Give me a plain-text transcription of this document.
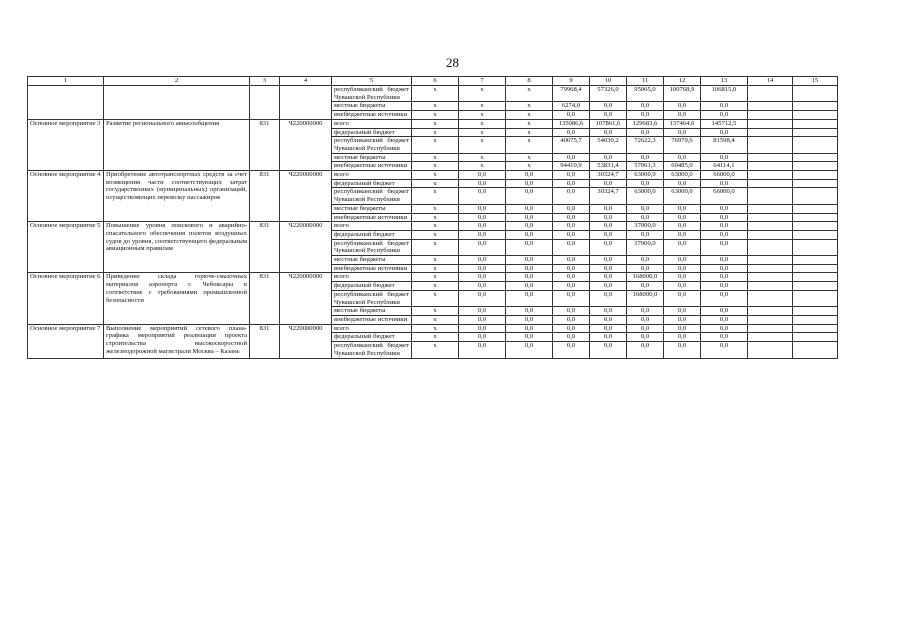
28
1	2	3	4	5	6	7	8	9	10	11	12	13	14	15
				республиканский бюджет Чувашской Республики	x	x	x	79968,4	57326,0	95065,0	100768,9	106815,0		
				местные бюджеты	x	x	x	6274,0	0,0	0,0	0,0	0,0		
				внебюджетные источники	x	x	x	0,0	0,0	0,0	0,0	0,0		
Основное мероприятие 3	Развитие регионального авиасообщения	831	Ч220000000	всего	x	x	x	135086,6	107861,6	129683,6	137464,6	145712,5		
				федеральный бюджет	x	x	x	0,0	0,0	0,0	0,0	0,0		
				республиканский бюджет Чувашской Республики	x	x	x	40675,7	54030,2	72622,3	76979,6	81598,4		
				местные бюджеты	x	x	x	0,0	0,0	0,0	0,0	0,0		
				внебюджетные источники	x	x	x	94410,9	53831,4	57061,3	60485,0	64114,1		
Основное мероприятие 4	Приобретение автотранспортных средств за счет возмещения части соответствующих затрат государственных (муниципальных) организаций, осуществляющих перевозку пассажиров	831	Ч220000000	всего	x	0,0	0,0	0,0	30324,7	63000,0	63000,0	66000,0		
				федеральный бюджет	x	0,0	0,0	0,0	0,0	0,0	0,0	0,0		
				республиканский бюджет Чувашской Республики	x	0,0	0,0	0,0	30324,7	63000,0	63000,0	66000,0		
				местные бюджеты	x	0,0	0,0	0,0	0,0	0,0	0,0	0,0		
				внебюджетные источники	x	0,0	0,0	0,0	0,0	0,0	0,0	0,0		
Основное мероприятие 5	Повышение уровня поискового и аварийно-спасательного обеспечения полетов воздушных судов до уровня, соответствующего федеральным авиационным правилам	831	Ч220000000	всего	x	0,0	0,0	0,0	0,0	37000,0	0,0	0,0		
				федеральный бюджет	x	0,0	0,0	0,0	0,0	0,0	0,0	0,0		
				республиканский бюджет Чувашской Республики	x	0,0	0,0	0,0	0,0	37000,0	0,0	0,0		
				местные бюджеты	x	0,0	0,0	0,0	0,0	0,0	0,0	0,0		
				внебюджетные источники	x	0,0	0,0	0,0	0,0	0,0	0,0	0,0		
Основное мероприятие 6	Приведение склада горюче-смазочных материалов аэропорта г. Чебоксары в соответствие с требованиями промышленной безопасности	831	Ч220000000	всего	x	0,0	0,0	0,0	0,0	168000,0	0,0	0,0		
				федеральный бюджет	x	0,0	0,0	0,0	0,0	0,0	0,0	0,0		
				республиканский бюджет Чувашской Республики	x	0,0	0,0	0,0	0,0	168000,0	0,0	0,0		
				местные бюджеты	x	0,0	0,0	0,0	0,0	0,0	0,0	0,0		
				внебюджетные источники	x	0,0	0,0	0,0	0,0	0,0	0,0	0,0		
Основное мероприятие 7	Выполнение мероприятий сетевого плана-графика мероприятий реализации проекта строительства высокоскоростной железнодорожной магистрали Москва – Казань	831	Ч220000000	всего	x	0,0	0,0	0,0	0,0	0,0	0,0	0,0		
				федеральный бюджет	x	0,0	0,0	0,0	0,0	0,0	0,0	0,0		
				республиканский бюджет Чувашской Республики	x	0,0	0,0	0,0	0,0	0,0	0,0	0,0		
